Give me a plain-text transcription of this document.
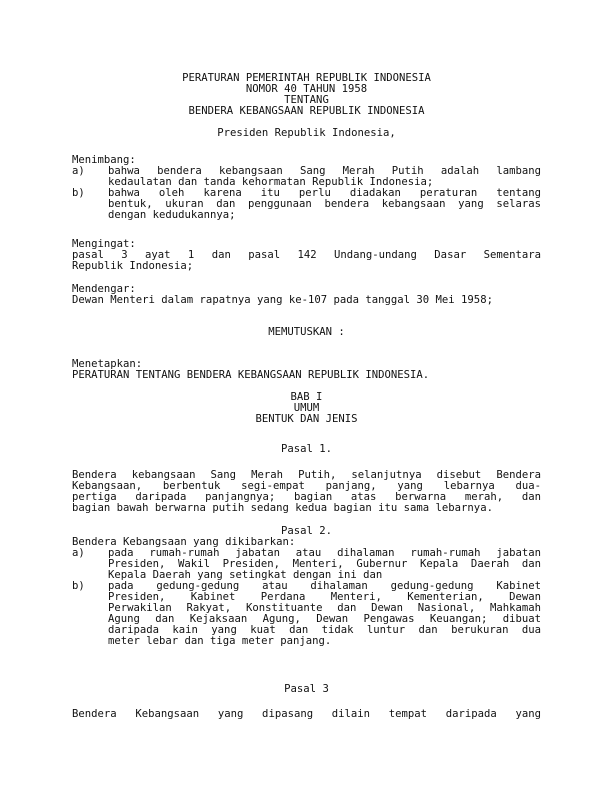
PERATURAN PEMERINTAH REPUBLIK INDONESIA
NOMOR 40 TAHUN 1958
TENTANG
BENDERA KEBANGSAAN REPUBLIK INDONESIA
Presiden Republik Indonesia,
Menimbang:
a) bahwa bendera kebangsaan Sang Merah Putih adalah lambang
kedaulatan dan tanda kehormatan Republik Indonesia;
b) bahwa oleh karena itu perlu diadakan peraturan tentang
bentuk, ukuran dan penggunaan bendera kebangsaan yang selaras
dengan kedudukannya;
Mengingat:
pasal 3 ayat 1 dan pasal 142 Undang-undang Dasar Sementara
Republik Indonesia;
Mendengar:
Dewan Menteri dalam rapatnya yang ke-107 pada tanggal 30 Mei 1958;
MEMUTUSKAN :
Menetapkan:
PERATURAN TENTANG BENDERA KEBANGSAAN REPUBLIK INDONESIA.
BAB I
UMUM
BENTUK DAN JENIS
Pasal 1.
Bendera kebangsaan Sang Merah Putih, selanjutnya disebut Bendera
Kebangsaan, berbentuk segi-empat panjang, yang lebarnya dua-
pertiga daripada panjangnya; bagian atas berwarna merah, dan
bagian bawah berwarna putih sedang kedua bagian itu sama lebarnya.
Pasal 2.
Bendera Kebangsaan yang dikibarkan:
a) pada rumah-rumah jabatan atau dihalaman rumah-rumah jabatan
Presiden, Wakil Presiden, Menteri, Gubernur Kepala Daerah dan
Kepala Daerah yang setingkat dengan ini dan
b) pada gedung-gedung atau dihalaman gedung-gedung Kabinet
Presiden, Kabinet Perdana Menteri, Kementerian, Dewan
Perwakilan Rakyat, Konstituante dan Dewan Nasional, Mahkamah
Agung dan Kejaksaan Agung, Dewan Pengawas Keuangan; dibuat
daripada kain yang kuat dan tidak luntur dan berukuran dua
meter lebar dan tiga meter panjang.
Pasal 3
Bendera Kebangsaan yang dipasang dilain tempat daripada yang
